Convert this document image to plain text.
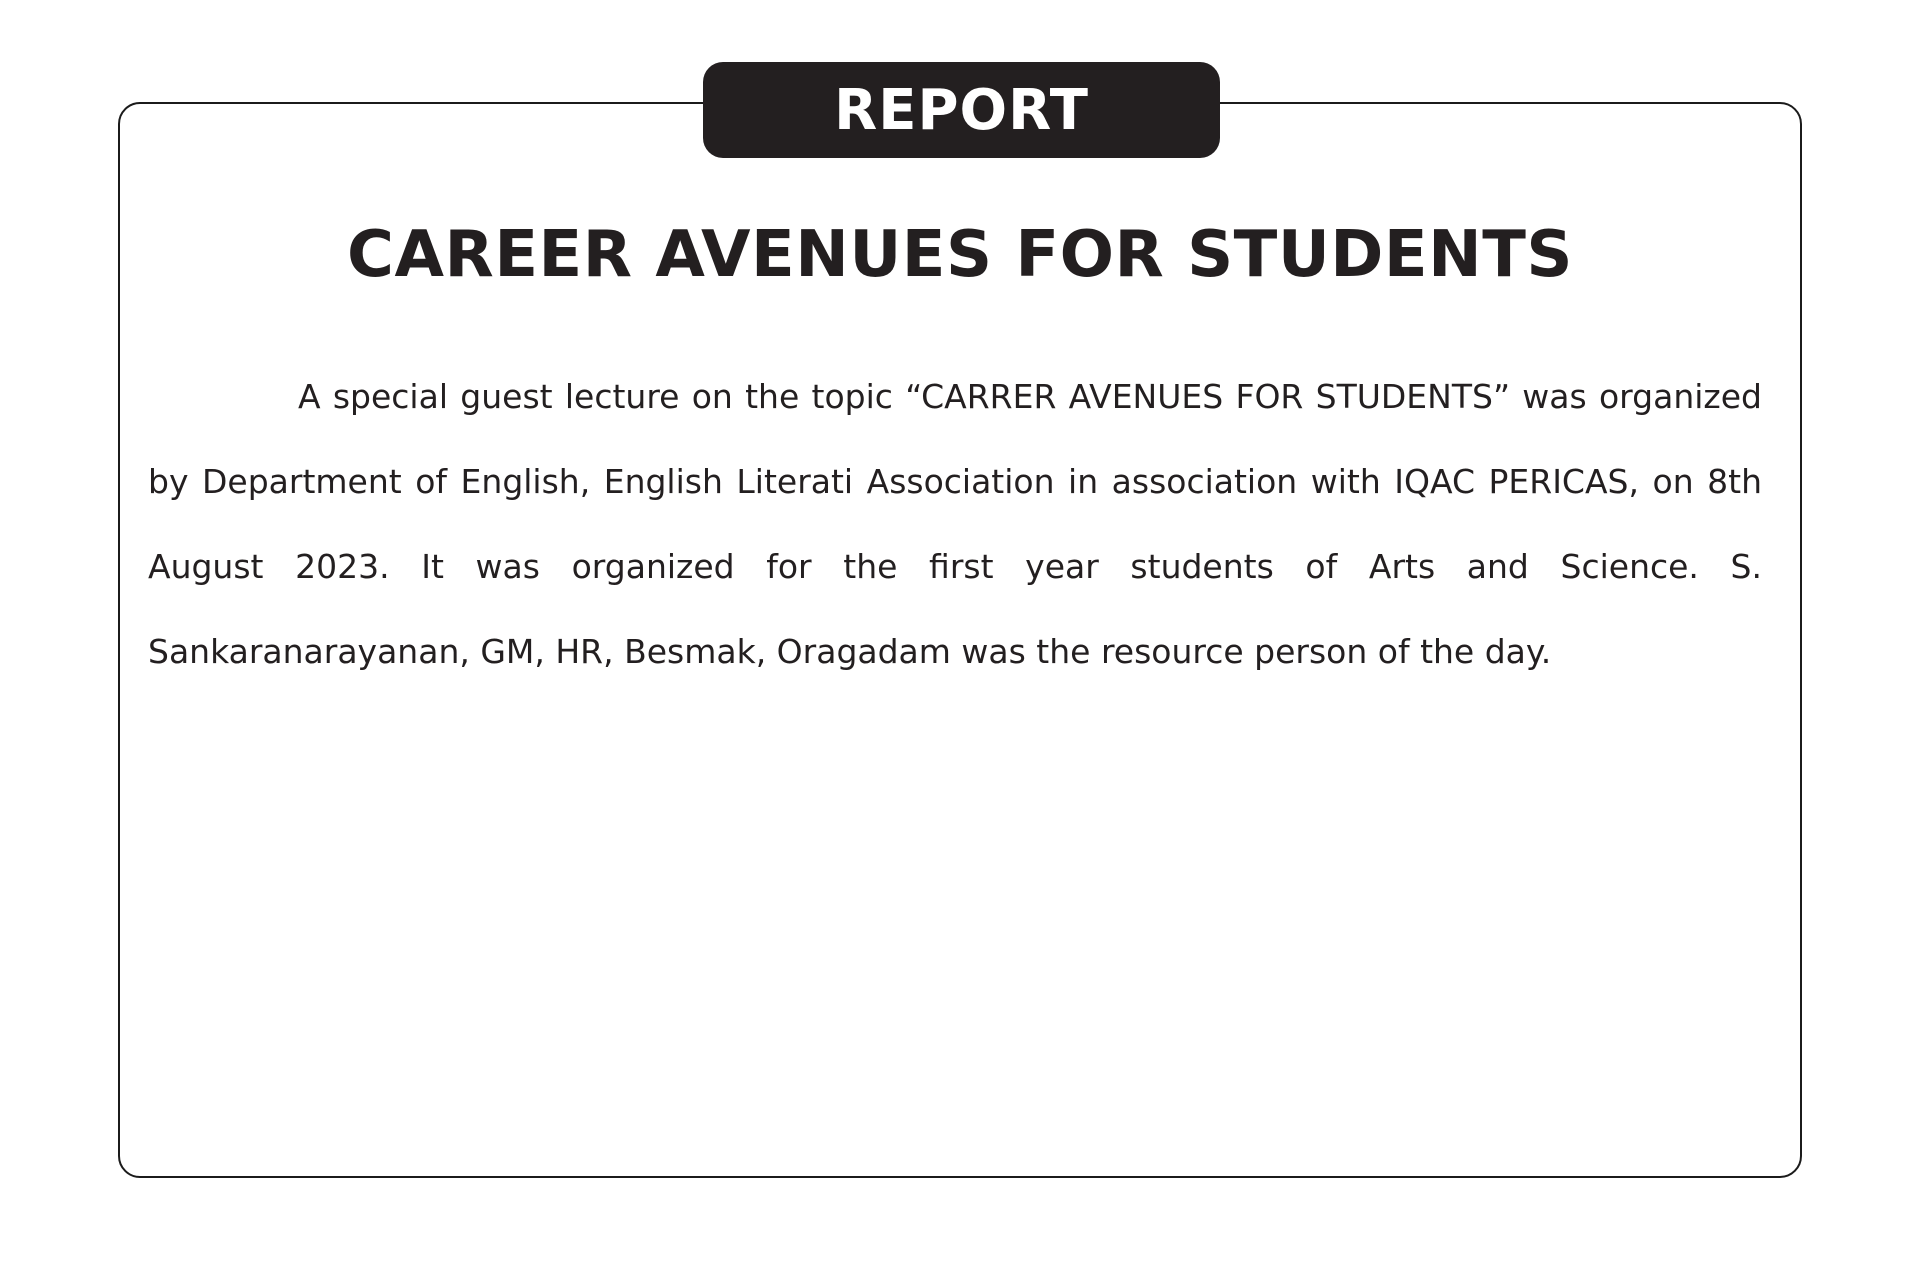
REPORT
CAREER AVENUES FOR STUDENTS

A special guest lecture on the topic “CARRER AVENUES FOR STUDENTS” was organized by Department of English, English Literati Association in association with IQAC PERICAS, on 8th August 2023. It was organized for the first year students of Arts and Science. S. Sankaranarayanan, GM, HR, Besmak, Oragadam was the resource person of the day.
